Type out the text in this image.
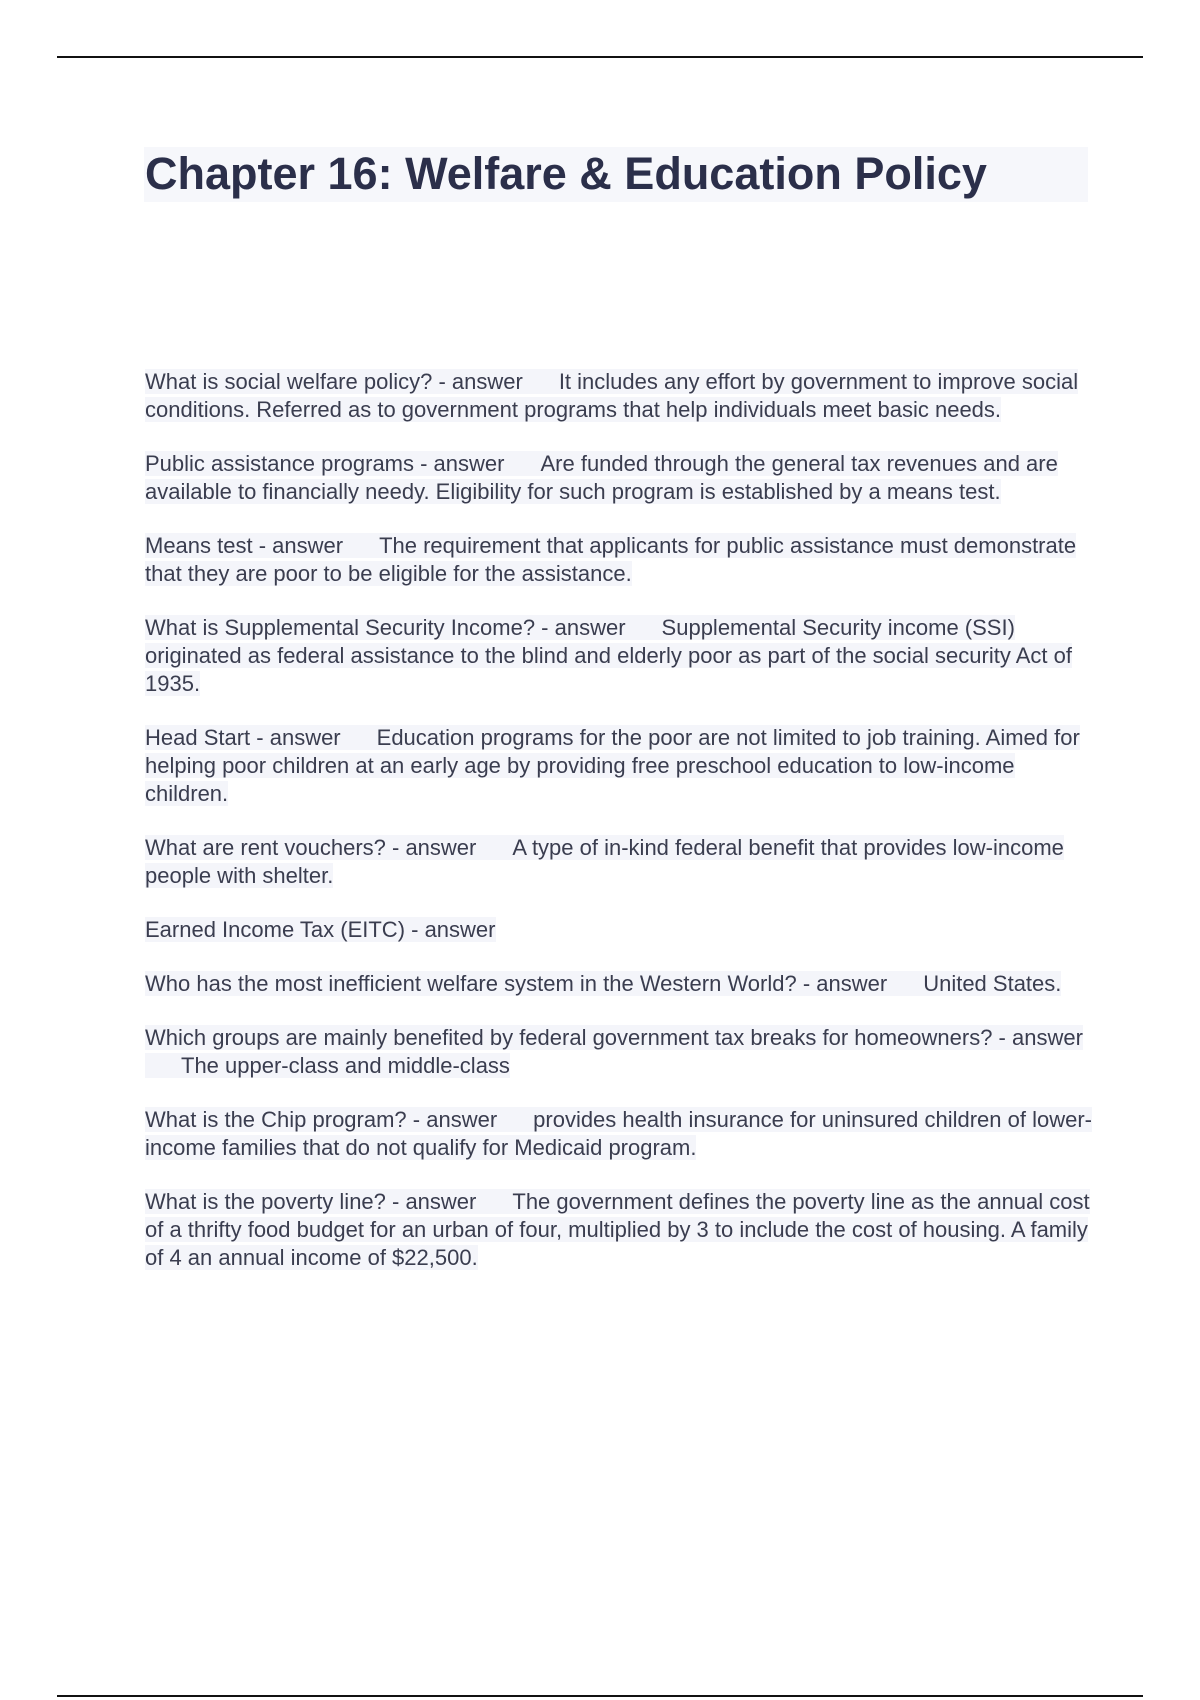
Chapter 16: Welfare & Education Policy

What is social welfare policy? - answer It includes any effort by government to improve social conditions. Referred as to government programs that help individuals meet basic needs.

Public assistance programs - answer Are funded through the general tax revenues and are available to financially needy. Eligibility for such program is established by a means test.

Means test - answer The requirement that applicants for public assistance must demonstrate that they are poor to be eligible for the assistance.

What is Supplemental Security Income? - answer Supplemental Security income (SSI) originated as federal assistance to the blind and elderly poor as part of the social security Act of 1935.

Head Start - answer Education programs for the poor are not limited to job training. Aimed for helping poor children at an early age by providing free preschool education to low-income children.

What are rent vouchers? - answer A type of in-kind federal benefit that provides low-income people with shelter.

Earned Income Tax (EITC) - answer

Who has the most inefficient welfare system in the Western World? - answer United States.

Which groups are mainly benefited by federal government tax breaks for homeowners? - answerThe upper-class and middle-class

What is the Chip program? - answer provides health insurance for uninsured children of lower-income families that do not qualify for Medicaid program.

What is the poverty line? - answer The government defines the poverty line as the annual cost of a thrifty food budget for an urban of four, multiplied by 3 to include the cost of housing. A family of 4 an annual income of $22,500.
